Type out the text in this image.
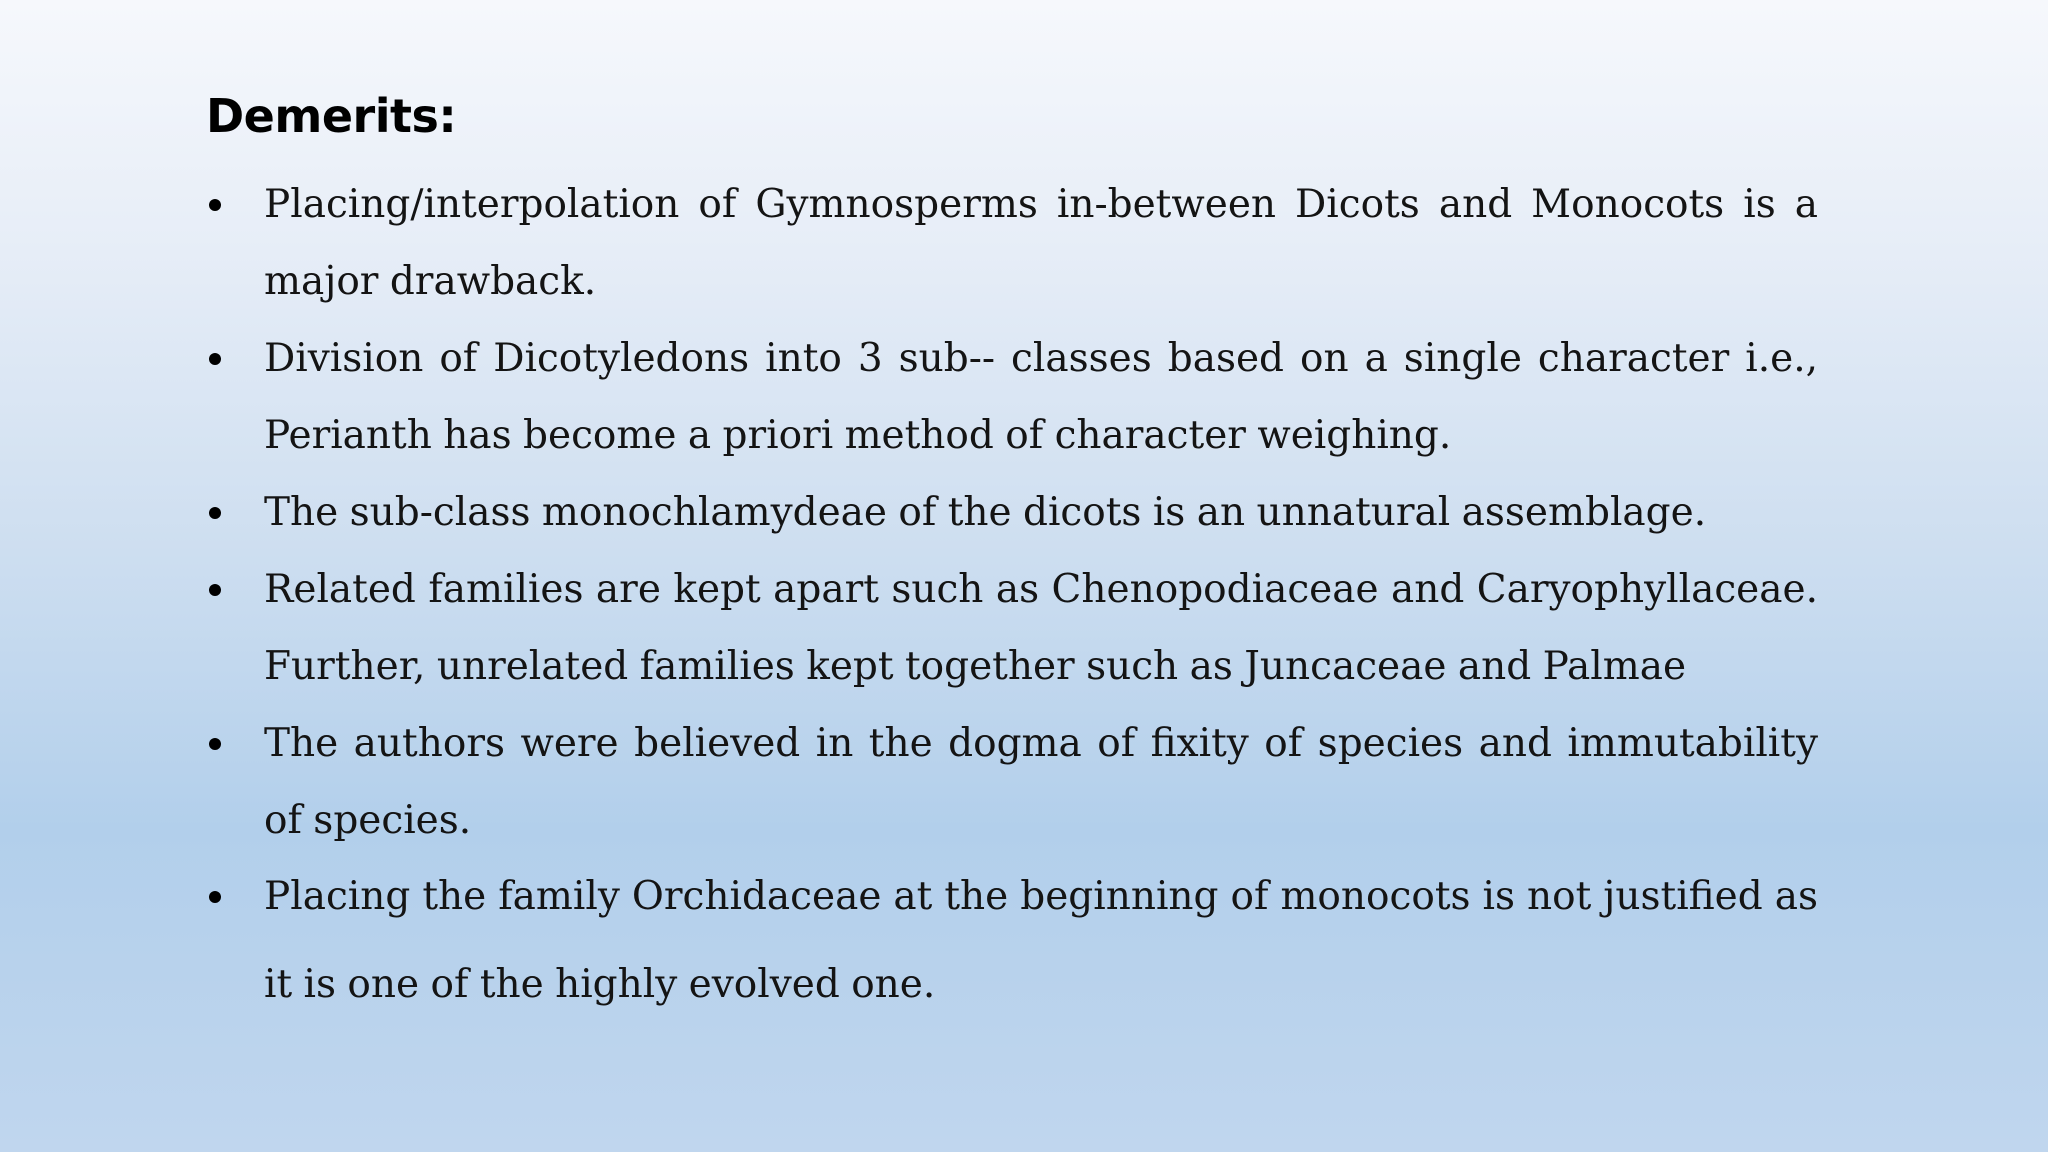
Demerits:
Placing/interpolation of Gymnosperms in-between Dicots and Monocots is a major drawback.
Division of Dicotyledons into 3 sub-- classes based on a single character i.e., Perianth has become a priori method of character weighing.
The sub-class monochlamydeae of the dicots is an unnatural assemblage.
Related families are kept apart such as Chenopodiaceae and Caryophyllaceae. Further, unrelated families kept together such as Juncaceae and Palmae
The authors were believed in the dogma of fixity of species and immutability of species.
Placing the family Orchidaceae at the beginning of monocots is not justified as it is one of the highly evolved one.
